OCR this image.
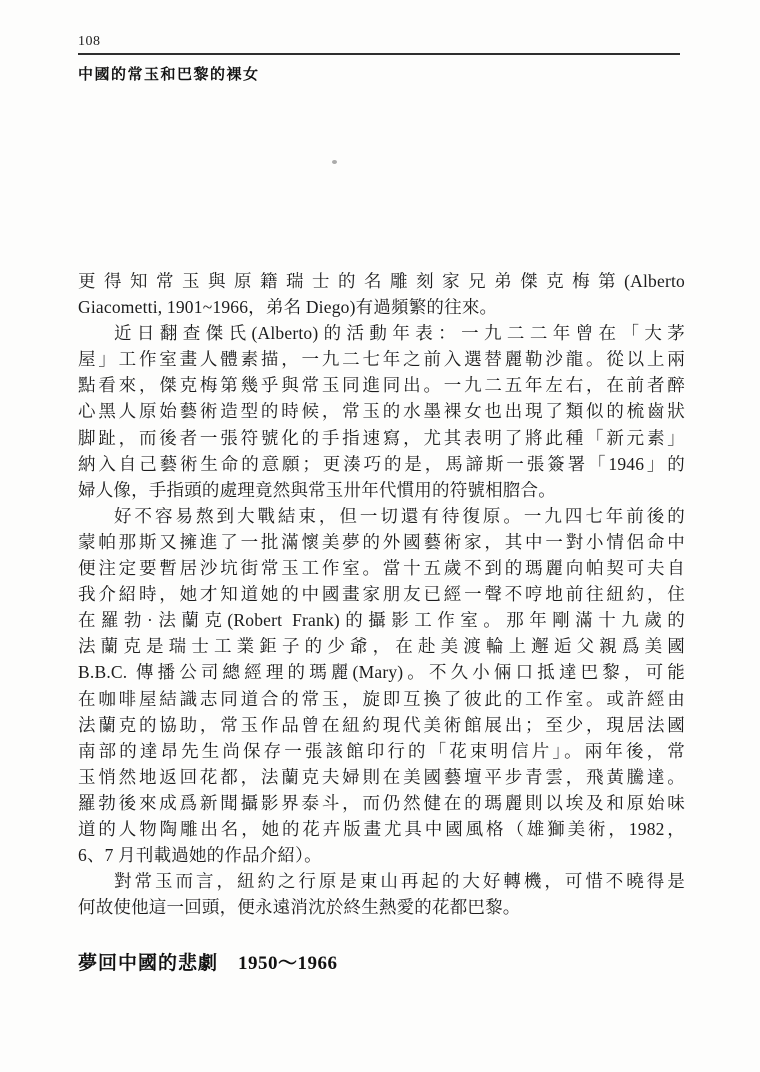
108
中國的常玉和巴黎的裸女
更得知常玉與原籍瑞士的名雕刻家兄弟傑克梅第(Alberto
Giacometti, 1901~1966，弟名 Diego)有過頻繁的往來。
近日翻查傑氏(Alberto)的活動年表：一九二二年曾在「大茅
屋」工作室畫人體素描，一九二七年之前入選替麗勒沙龍。從以上兩
點看來，傑克梅第幾乎與常玉同進同出。一九二五年左右，在前者醉
心黑人原始藝術造型的時候，常玉的水墨裸女也出現了類似的梳齒狀
脚趾，而後者一張符號化的手指速寫，尤其表明了將此種「新元素」
納入自己藝術生命的意願；更湊巧的是，馬諦斯一張簽署「1946」的
婦人像，手指頭的處理竟然與常玉卅年代慣用的符號相脗合。
好不容易熬到大戰結束，但一切還有待復原。一九四七年前後的
蒙帕那斯又擁進了一批滿懷美夢的外國藝術家，其中一對小情侶命中
便注定要暫居沙坑街常玉工作室。當十五歲不到的瑪麗向帕契可夫自
我介紹時，她才知道她的中國畫家朋友已經一聲不哼地前往紐約，住
在羅勃·法蘭克(Robert Frank)的攝影工作室。那年剛滿十九歲的
法蘭克是瑞士工業鉅子的少爺，在赴美渡輪上邂逅父親爲美國
B.B.C. 傳播公司總經理的瑪麗(Mary)。不久小倆口抵達巴黎，可能
在咖啡屋結識志同道合的常玉，旋即互換了彼此的工作室。或許經由
法蘭克的協助，常玉作品曾在紐約現代美術館展出；至少，現居法國
南部的達昂先生尚保存一張該館印行的「花束明信片」。兩年後，常
玉悄然地返回花都，法蘭克夫婦則在美國藝壇平步青雲，飛黃騰達。
羅勃後來成爲新聞攝影界泰斗，而仍然健在的瑪麗則以埃及和原始味
道的人物陶雕出名，她的花卉版畫尤具中國風格（雄獅美術，1982，
6、7 月刊載過她的作品介紹）。
對常玉而言，紐約之行原是東山再起的大好轉機，可惜不曉得是
何故使他這一回頭，便永遠消沈於終生熱愛的花都巴黎。
夢回中國的悲劇 1950～1966
